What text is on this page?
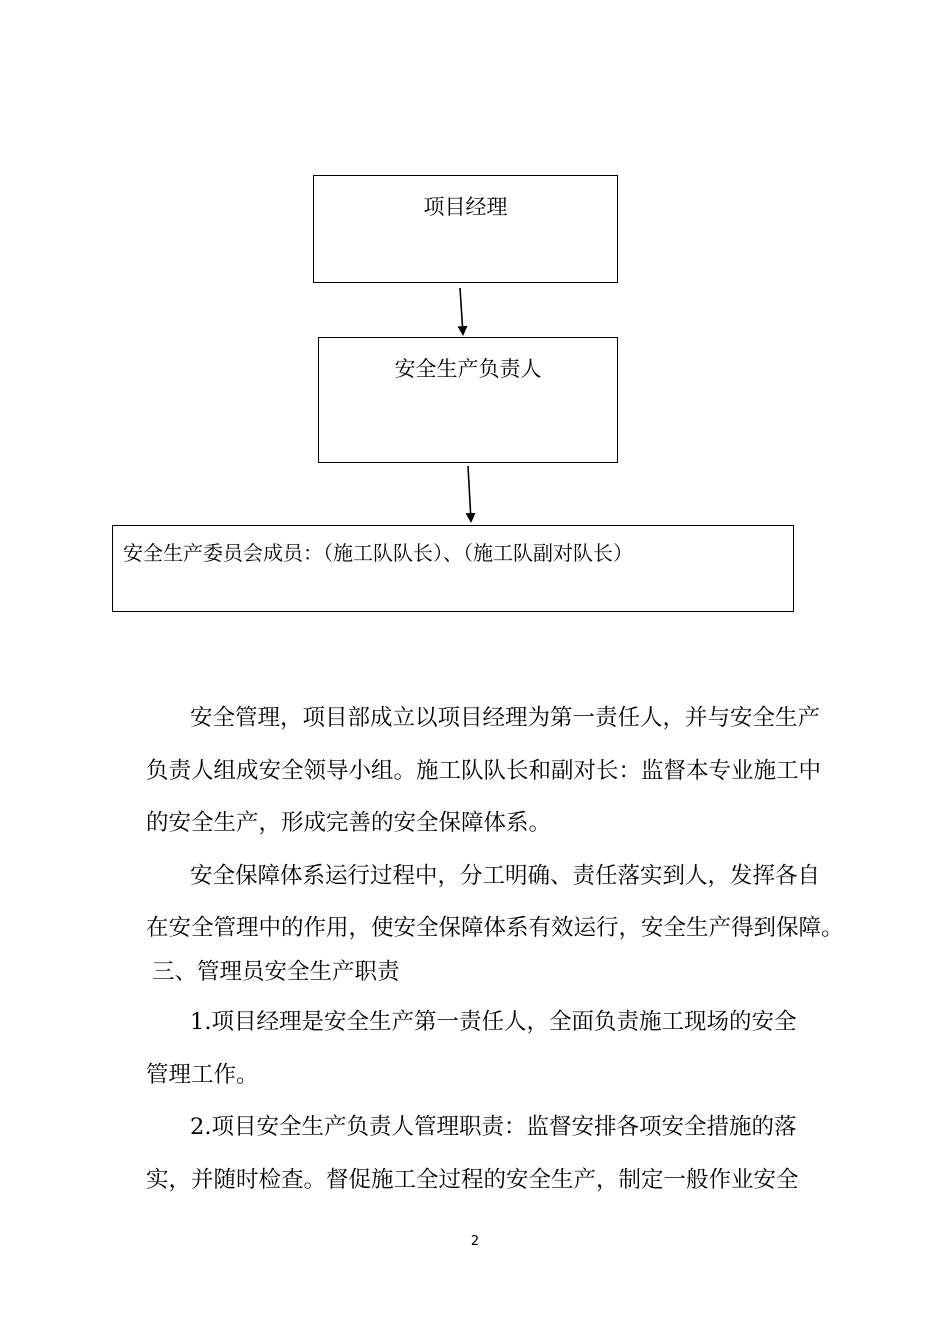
项目经理
安全生产负责人
安全生产委员会成员：（施工队队长）、（施工队副对队长）

安全管理，项目部成立以项目经理为第一责任人，并与安全生产

负责人组成安全领导小组。施工队队长和副对长：监督本专业施工中

的安全生产，形成完善的安全保障体系。

安全保障体系运行过程中，分工明确、责任落实到人，发挥各自

在安全管理中的作用，使安全保障体系有效运行，安全生产得到保障。

三、管理员安全生产职责

1.项目经理是安全生产第一责任人，全面负责施工现场的安全

管理工作。

2.项目安全生产负责人管理职责：监督安排各项安全措施的落

实，并随时检查。督促施工全过程的安全生产，制定一般作业安全

2
